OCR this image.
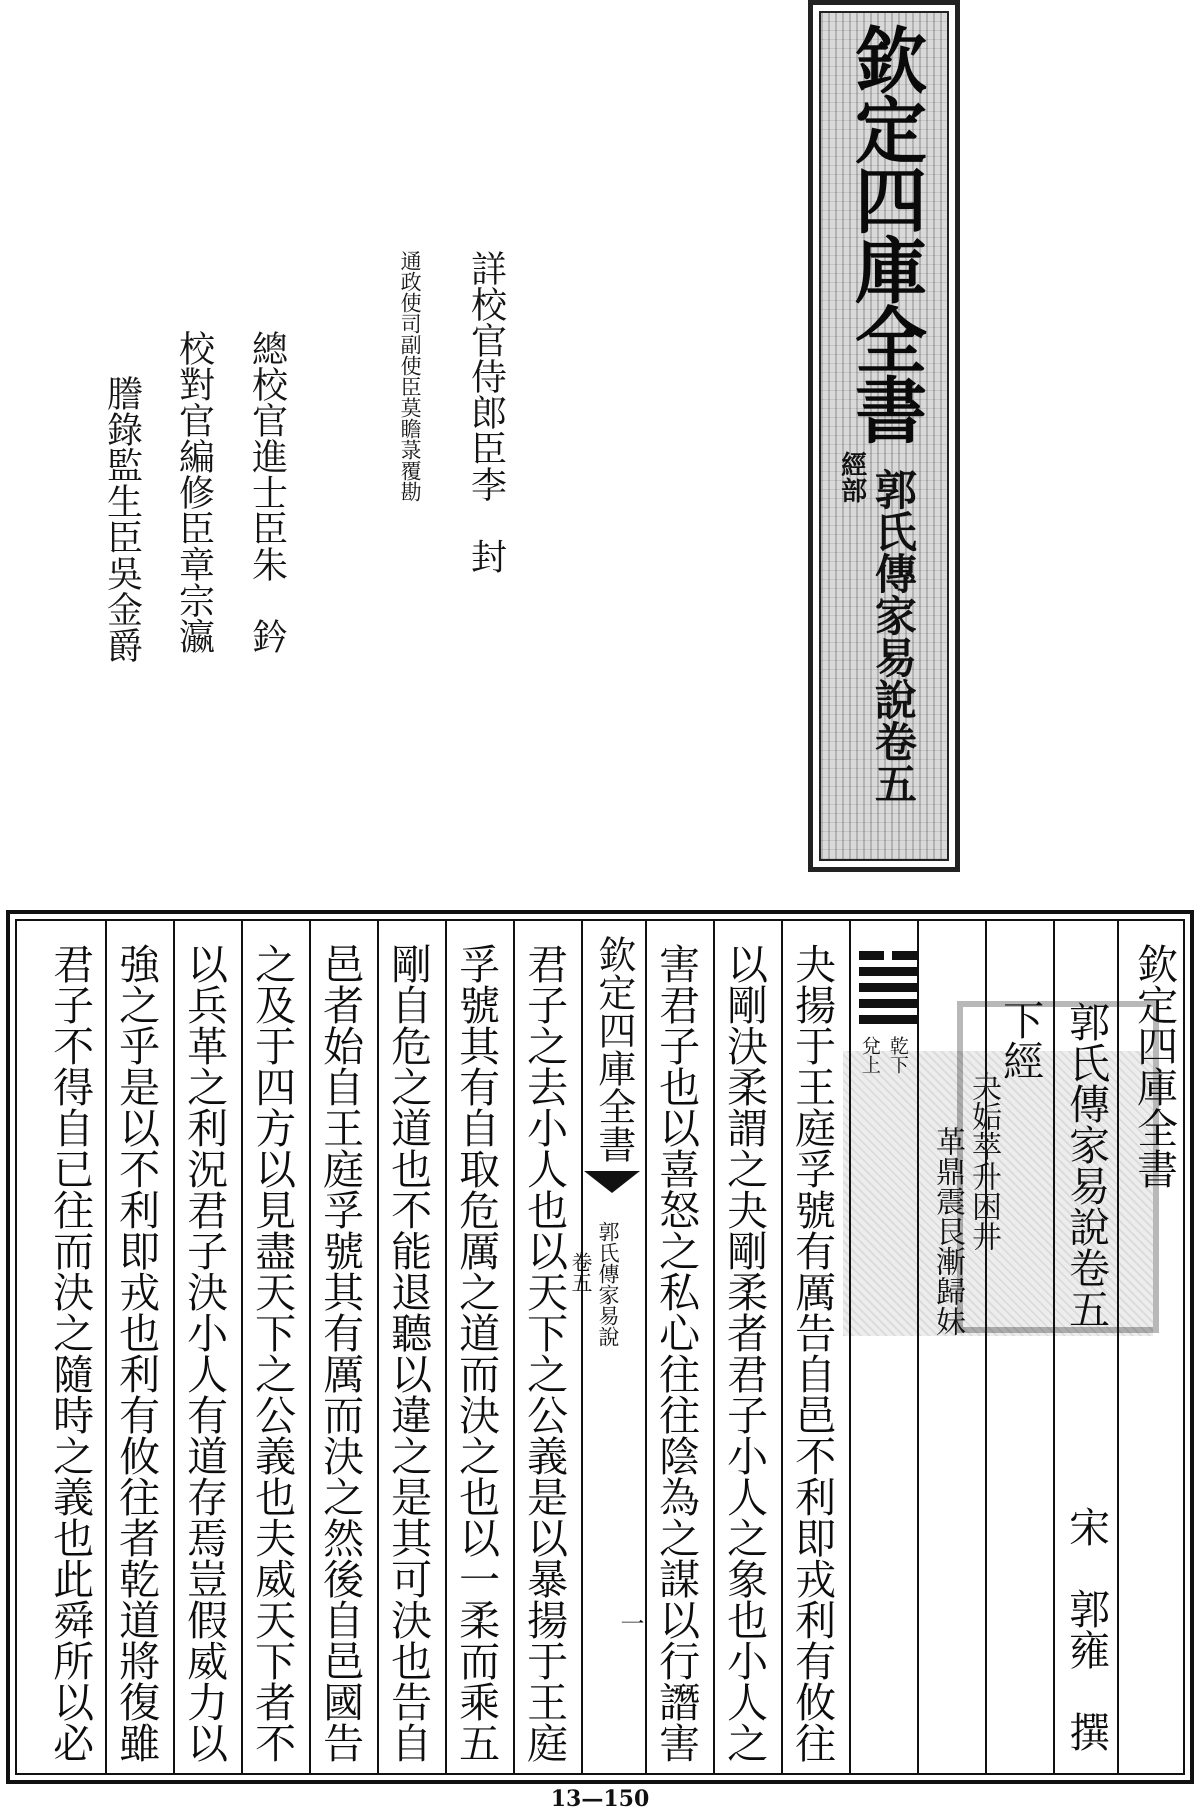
欽定四庫全書
經部 郭氏傳家易說卷五
詳校官侍郎臣李　封
通政使司副使臣莫瞻菉覆勘
總校官進士臣朱　鈐
校對官編修臣章宗瀛
謄錄監生臣吳金爵
欽定四庫全書
郭氏傳家易說卷五
下經
夬姤萃升困井
革鼎震艮漸歸妹
宋　郭雍　撰
乾下
兌上
夬揚于王庭孚號有厲告自邑不利即戎利有攸往
以剛決柔謂之夬剛柔者君子小人之象也小人之
害君子也以喜怒之私心往往陰為之謀以行譖害
欽定四庫全書
郭氏傳家易說
卷五
一
君子之去小人也以天下之公義是以暴揚于王庭
孚號其有自取危厲之道而決之也以一柔而乘五
剛自危之道也不能退聽以違之是其可決也告自
邑者始自王庭孚號其有厲而決之然後自邑國告
之及于四方以見盡天下之公義也夫威天下者不
以兵革之利況君子決小人有道存焉豈假威力以
強之乎是以不利即戎也利有攸往者乾道將復雖
君子不得自已往而決之隨時之義也此舜所以必
13—150
